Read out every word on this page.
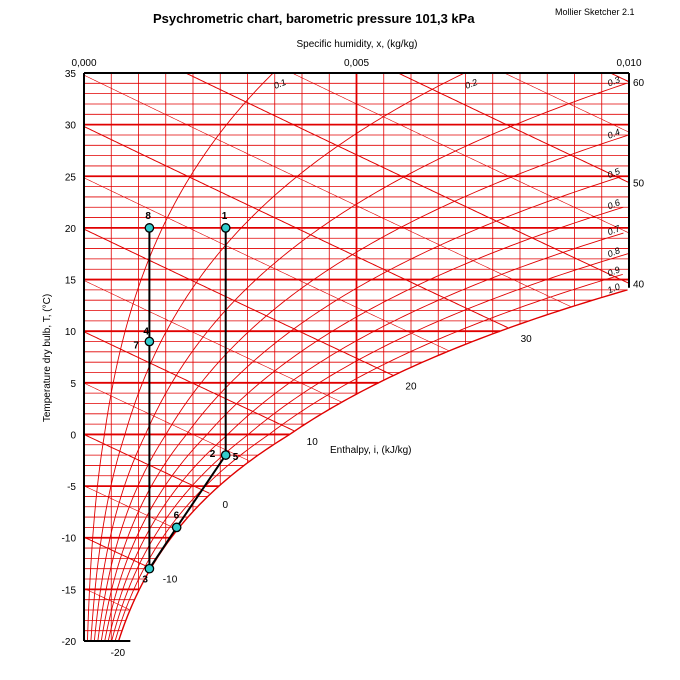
Psychrometric chart, barometric pressure 101,3 kPa	Mollier Sketcher 2.1
Specific humidity, x, (kg/kg)
Temperature dry bulb, T, (°C)
Enthalpy, i, (kJ/kg)
35
30
25
20
15
10
5
0
-5
-10
-15
-20
0,000	0,005	0,010
0.1	0.2	0.3
0.4
0.5
0.6
0.7
0.8
0.9
1.0
60
50
40
30
20
10
0
-10
-20
1
2 5
6
3
7
4
8
